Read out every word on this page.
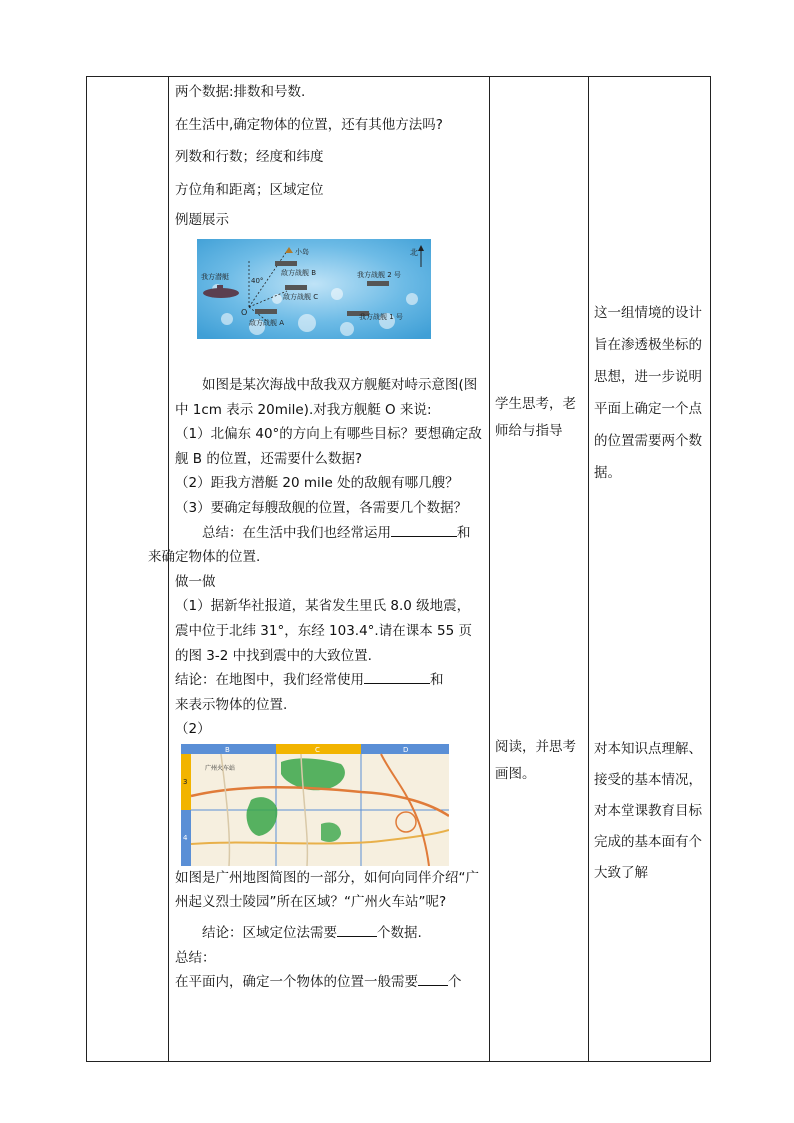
两个数据:排数和号数.

在生活中,确定物体的位置，还有其他方法吗?

列数和行数；经度和纬度

方位角和距离；区域定位

例题展示

北
40°
O
小岛
我方潜艇	敌方战舰 B
敌方战舰 C
敌方战舰 A
我方战舰 2 号
我方战舰 1 号

如图是某次海战中敌我双方舰艇对峙示意图(图中 1cm 表示 20mile).对我方舰艇 O 来说:

（1）北偏东 40°的方向上有哪些目标？要想确定敌舰 B 的位置，还需要什么数据?

（2）距我方潜艇 20 mile 处的敌舰有哪几艘？

（3）要确定每艘敌舰的位置，各需要几个数据？

总结：在生活中我们也经常运用	和
来确定物体的位置.

做一做

（1）据新华社报道，某省发生里氏 8.0 级地震，震中位于北纬 31°，东经 103.4°.请在课本 55 页的图 3-2 中找到震中的大致位置.

结论：在地图中，我们经常使用	和
来表示物体的位置.

（2）

B	C	D
3
4
广州火车站

如图是广州地图简图的一部分，如何向同伴介绍“广州起义烈士陵园”所在区域？“广州火车站”呢?

结论：区域定位法需要	个数据.

总结：

在平面内，确定一个物体的位置一般需要 个

学生思考，老师给与指导

阅读，并思考画图。

这一组情境的设计旨在渗透极坐标的思想，进一步说明平面上确定一个点的位置需要两个数据。

对本知识点理解、接受的基本情况，对本堂课教育目标完成的基本面有个大致了解
